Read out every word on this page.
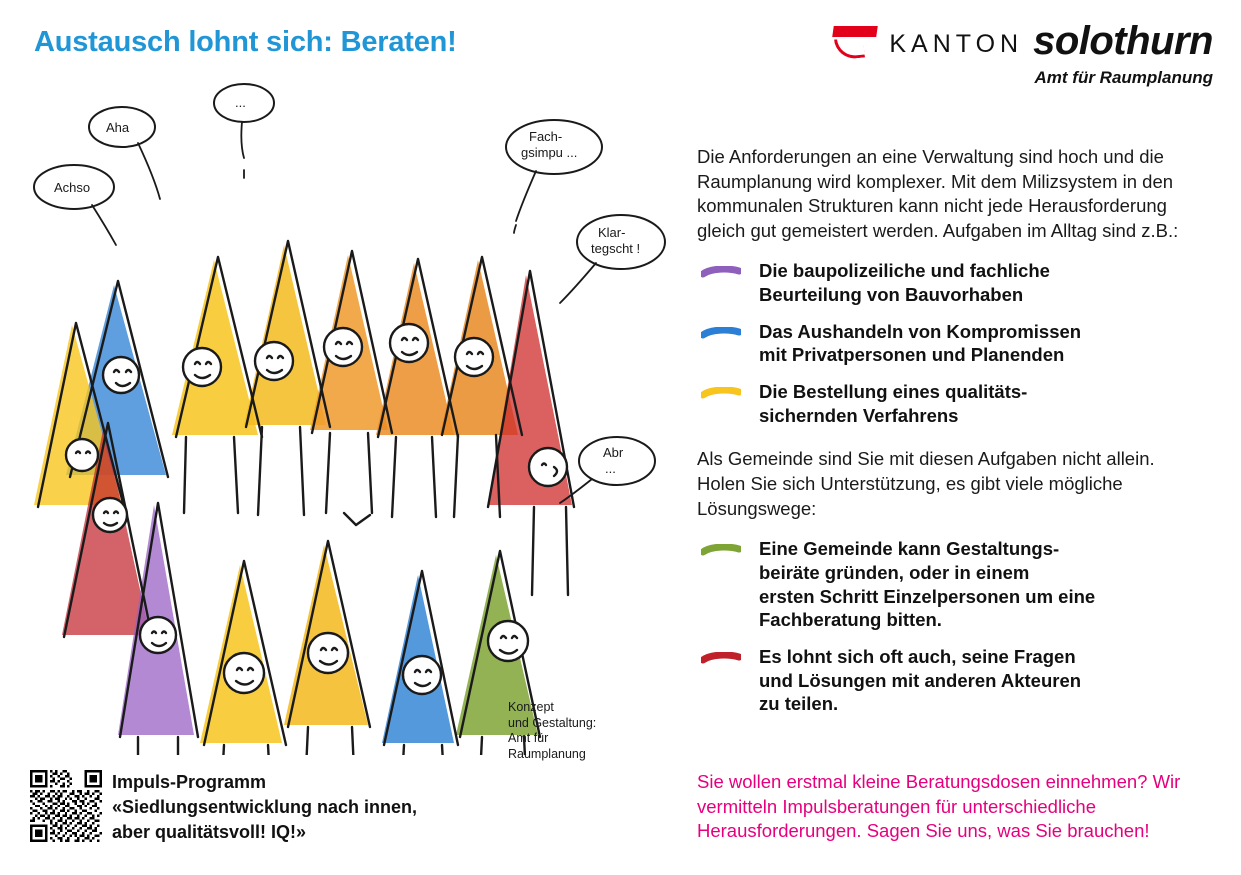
Austausch lohnt sich: Beraten!	KANTON solothurn
Amt für Raumplanung
Achso
Aha
...
Fach-
gsimpu ...
Klar-
tegscht !
Abr
...
Konzept
und Gestaltung:
Amt für
Raumplanung

Die Anforderungen an eine Verwaltung sind hoch und die Raumplanung wird komplexer. Mit dem Milizsystem in den kommunalen Strukturen kann nicht jede Herausforderung gleich gut gemeistert werden. Aufgaben im Alltag sind z.B.:

Die baupolizeiliche und fachliche
Beurteilung von Bauvorhaben
Das Aushandeln von Kompromissen
mit Privatpersonen und Planenden
Die Bestellung eines qualitäts-
sichernden Verfahrens

Als Gemeinde sind Sie mit diesen Aufgaben nicht allein. Holen Sie sich Unterstützung, es gibt viele mögliche Lösungswege:

Eine Gemeinde kann Gestaltungs-
beiräte gründen, oder in einem
ersten Schritt Einzelpersonen um eine
Fachberatung bitten.
Es lohnt sich oft auch, seine Fragen
und Lösungen mit anderen Akteuren
zu teilen.
Sie wollen erstmal kleine Beratungsdosen einnehmen? Wir vermitteln Impulsberatungen für unterschiedliche Herausforderungen. Sagen Sie uns, was Sie brauchen!
Impuls-Programm
«Siedlungsentwicklung nach innen,
aber qualitätsvoll! IQ!»
